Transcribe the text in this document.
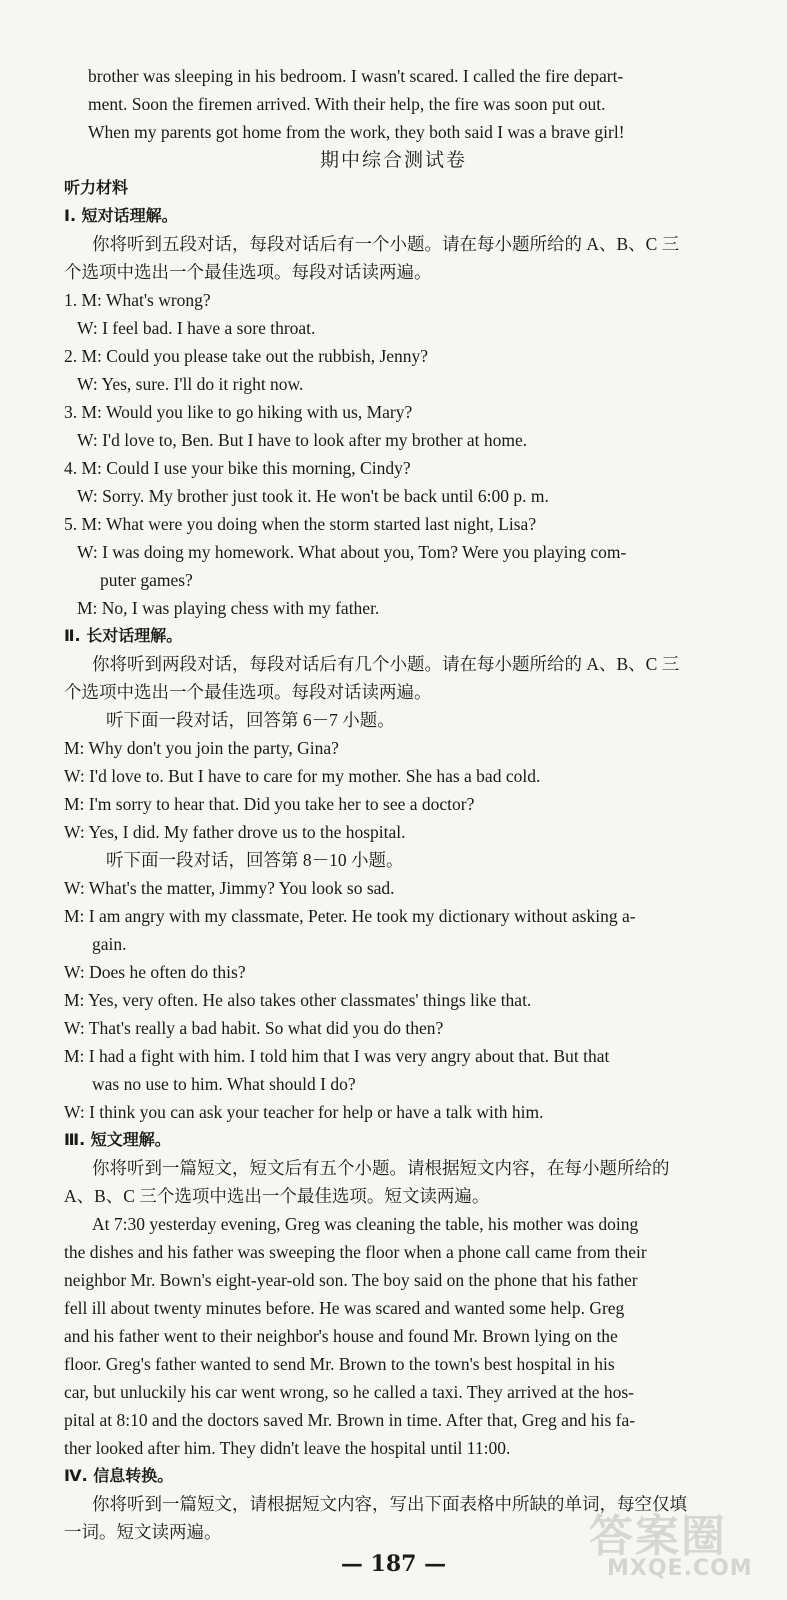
brother was sleeping in his bedroom. I wasn't scared. I called the fire depart-
ment. Soon the firemen arrived. With their help, the fire was soon put out.
When my parents got home from the work, they both said I was a brave girl!
期中综合测试卷
听力材料
Ⅰ. 短对话理解。
你将听到五段对话，每段对话后有一个小题。请在每小题所给的 A、B、C 三
个选项中选出一个最佳选项。每段对话读两遍。
1. M: What's wrong?
W: I feel bad. I have a sore throat.
2. M: Could you please take out the rubbish, Jenny?
W: Yes, sure. I'll do it right now.
3. M: Would you like to go hiking with us, Mary?
W: I'd love to, Ben. But I have to look after my brother at home.
4. M: Could I use your bike this morning, Cindy?
W: Sorry. My brother just took it. He won't be back until 6:00 p. m.
5. M: What were you doing when the storm started last night, Lisa?
W: I was doing my homework. What about you, Tom? Were you playing com-
puter games?
M: No, I was playing chess with my father.
Ⅱ. 长对话理解。
你将听到两段对话，每段对话后有几个小题。请在每小题所给的 A、B、C 三
个选项中选出一个最佳选项。每段对话读两遍。
听下面一段对话，回答第 6－7 小题。
M: Why don't you join the party, Gina?
W: I'd love to. But I have to care for my mother. She has a bad cold.
M: I'm sorry to hear that. Did you take her to see a doctor?
W: Yes, I did. My father drove us to the hospital.
听下面一段对话，回答第 8－10 小题。
W: What's the matter, Jimmy? You look so sad.
M: I am angry with my classmate, Peter. He took my dictionary without asking a-
gain.
W: Does he often do this?
M: Yes, very often. He also takes other classmates' things like that.
W: That's really a bad habit. So what did you do then?
M: I had a fight with him. I told him that I was very angry about that. But that
was no use to him. What should I do?
W: I think you can ask your teacher for help or have a talk with him.
Ⅲ. 短文理解。
你将听到一篇短文，短文后有五个小题。请根据短文内容，在每小题所给的
A、B、C 三个选项中选出一个最佳选项。短文读两遍。
At 7:30 yesterday evening, Greg was cleaning the table, his mother was doing
the dishes and his father was sweeping the floor when a phone call came from their
neighbor Mr. Bown's eight-year-old son. The boy said on the phone that his father
fell ill about twenty minutes before. He was scared and wanted some help. Greg
and his father went to their neighbor's house and found Mr. Brown lying on the
floor. Greg's father wanted to send Mr. Brown to the town's best hospital in his
car, but unluckily his car went wrong, so he called a taxi. They arrived at the hos-
pital at 8:10 and the doctors saved Mr. Brown in time. After that, Greg and his fa-
ther looked after him. They didn't leave the hospital until 11:00.
Ⅳ. 信息转换。
你将听到一篇短文，请根据短文内容，写出下面表格中所缺的单词，每空仅填
一词。短文读两遍。
— 187 —
答案圈
MXQE.COM
